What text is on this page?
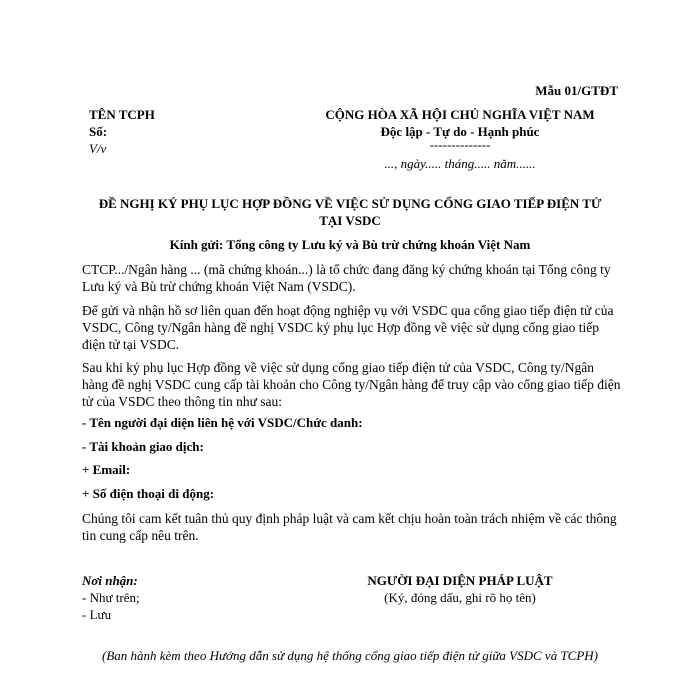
Mẫu 01/GTĐT
TÊN TCPH
Số:
V/v
CỘNG HÒA XÃ HỘI CHỦ NGHĨA VIỆT NAM
Độc lập - Tự do - Hạnh phúc
--------------
..., ngày..... tháng..... năm......
ĐỀ NGHỊ KÝ PHỤ LỤC HỢP ĐỒNG VỀ VIỆC SỬ DỤNG CỔNG GIAO TIẾP ĐIỆN TỬ
TẠI VSDC
Kính gửi: Tổng công ty Lưu ký và Bù trừ chứng khoán Việt Nam
CTCP.../Ngân hàng ... (mã chứng khoán...) là tổ chức đang đăng ký chứng khoán tại Tổng công ty Lưu ký và Bù trừ chứng khoán Việt Nam (VSDC).
Để gửi và nhận hồ sơ liên quan đến hoạt động nghiệp vụ với VSDC qua cổng giao tiếp điện tử của VSDC, Công ty/Ngân hàng đề nghị VSDC ký phụ lục Hợp đồng về việc sử dụng cổng giao tiếp điện tử tại VSDC.
Sau khi ký phụ lục Hợp đồng về việc sử dụng cổng giao tiếp điện tử của VSDC, Công ty/Ngân hàng đề nghị VSDC cung cấp tài khoản cho Công ty/Ngân hàng để truy cập vào cổng giao tiếp điện tử của VSDC theo thông tin như sau:
- Tên người đại diện liên hệ với VSDC/Chức danh:
- Tài khoản giao dịch:
+ Email:
+ Số điện thoại di động:
Chúng tôi cam kết tuân thủ quy định pháp luật và cam kết chịu hoàn toàn trách nhiệm về các thông tin cung cấp nêu trên.
Nơi nhận:
- Như trên;
- Lưu
NGƯỜI ĐẠI DIỆN PHÁP LUẬT
(Ký, đóng dấu, ghi rõ họ tên)
(Ban hành kèm theo Hướng dẫn sử dụng hệ thống cổng giao tiếp điện tử giữa VSDC và TCPH)
